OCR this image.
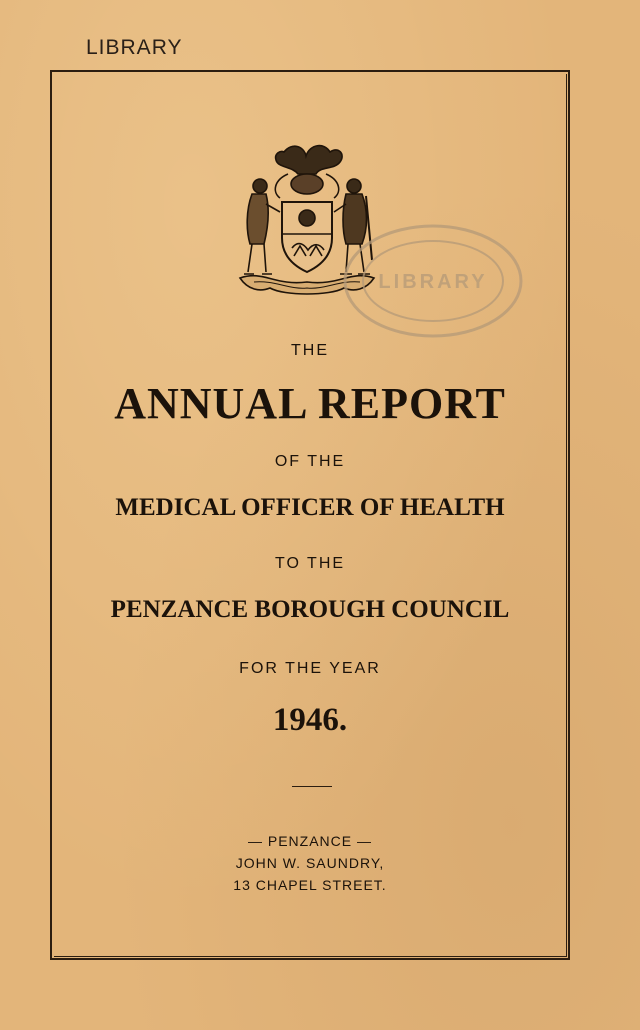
LIBRARY
LIBRARY
THE
ANNUAL REPORT
OF THE
MEDICAL OFFICER OF HEALTH
TO THE
PENZANCE BOROUGH COUNCIL
FOR THE YEAR
1946.
— PENZANCE —
JOHN W. SAUNDRY,
13 CHAPEL STREET.
